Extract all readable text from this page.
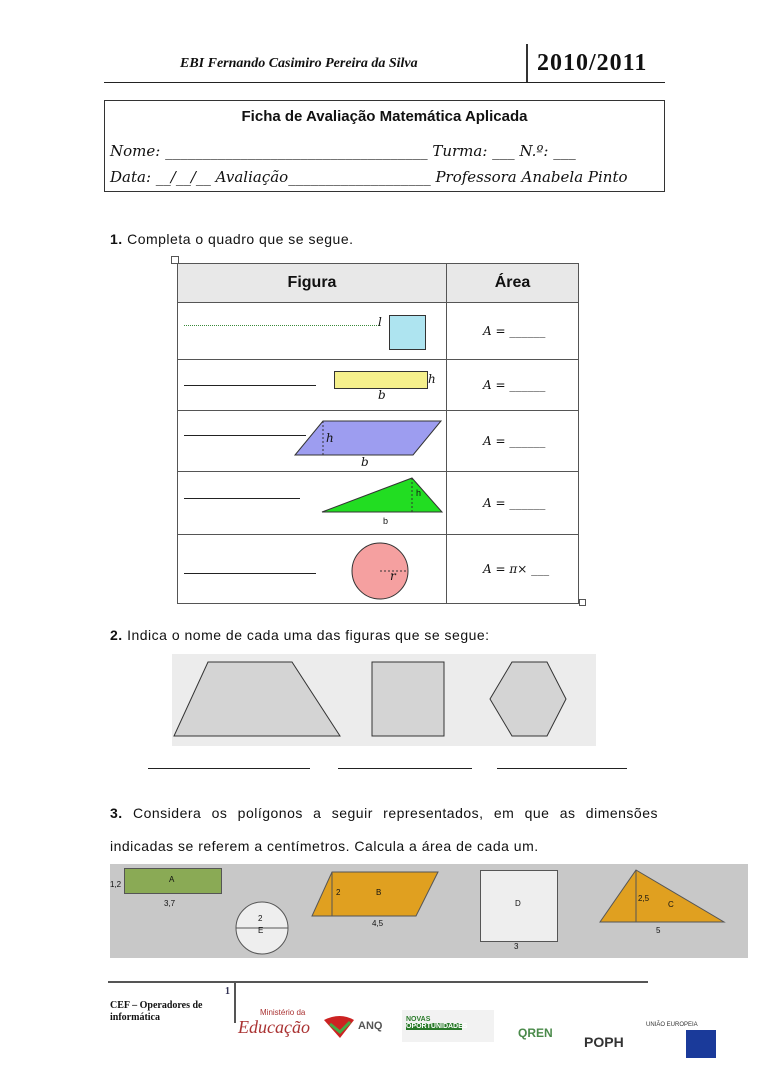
EBI Fernando Casimiro Pereira da Silva	2010/2011
Ficha de Avaliação Matemática Aplicada
Nome: ___________________________________ Turma: ___ N.º: ___
Data: __/__/__ Avaliação___________________ Professora Anabela Pinto
1. Completa o quadro que se segue.
Figura	Área

l	A = ______

h
b	A = ______

h
b	A = ______

h
b	A = ______

r	A = π× ___
2. Indica o nome de cada uma das figuras que se segue:
3. Considera os polígonos a seguir representados, em que as dimensões
indicadas se referem a centímetros. Calcula a área de cada um.
A
1,2
3,7
2
E
2	B
4,5
D
3
2,5
C
5
1
CEF – Operadores de
informática	Ministério da
Educação	ANQ
NOVAS
OPORTUNIDADES	QREN
POPH
UNIÃO EUROPEIA
